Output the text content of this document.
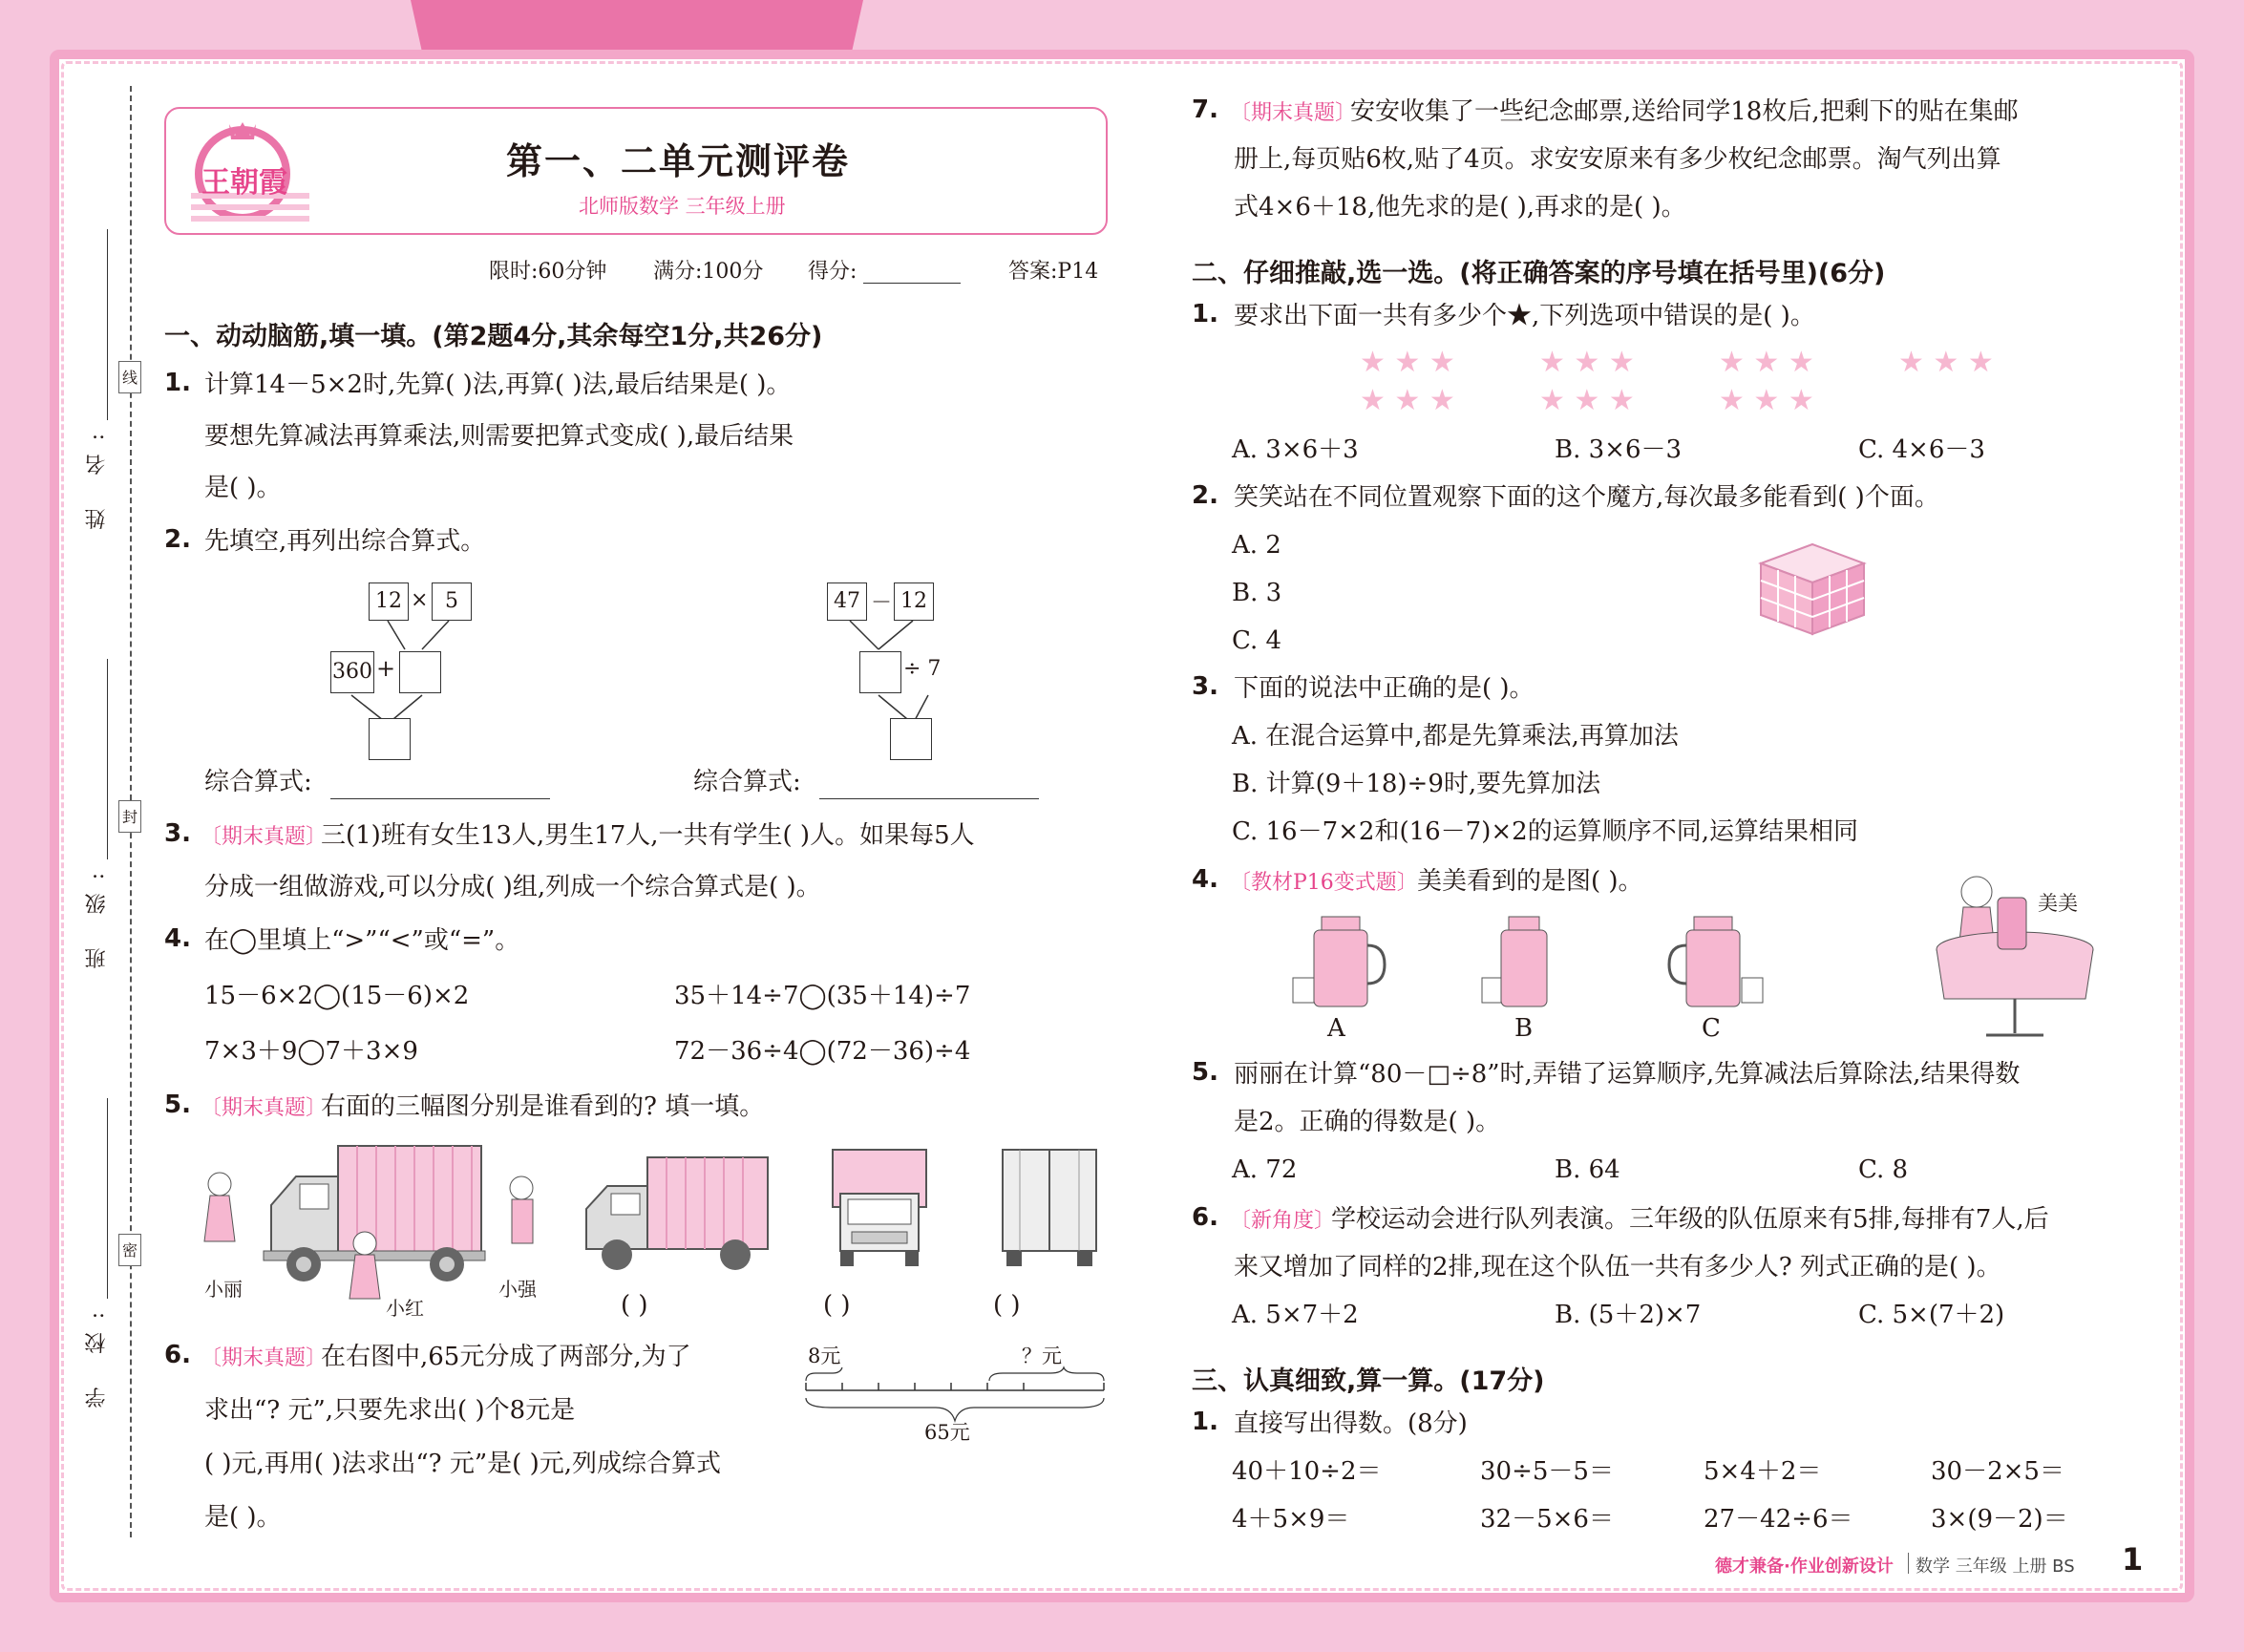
线
封
密
姓 名:
班 级:
学 校:
王朝霞
第一、二单元测评卷
北师版数学 三年级上册
限时:60分钟 满分:100分 得分:	答案:P14
一、动动脑筋,填一填。(第2题4分,其余每空1分,共26分)
1. 计算14－5×2时,先算( )法,再算( )法,最后结果是( )。
要想先算减法再算乘法,则需要把算式变成( ),最后结果
是( )。
2. 先填空,再列出综合算式。
12 × 5
360 +
47 － 12
÷ 7
综合算式:	综合算式:
3. 〔期末真题〕
三(1)班有女生13人,男生17人,一共有学生( )人。如果每5人
分成一组做游戏,可以分成( )组,列成一个综合算式是( )。
4. 在◯里填上“>”“<”或“=”。
15－6×2◯(15－6)×2	35＋14÷7◯(35＋14)÷7
7×3＋9◯7＋3×9	72－36÷4◯(72－36)÷4
5. 〔期末真题〕
右面的三幅图分别是谁看到的? 填一填。
小丽
小红
小强
( )	( )	( )
6. 〔期末真题〕
在右图中,65元分成了两部分,为了
求出“? 元”,只要先求出( )个8元是
( )元,再用( )法求出“? 元”是( )元,列成综合算式
是( )。
8元	？元
65元
7. 〔期末真题〕
安安收集了一些纪念邮票,送给同学18枚后,把剩下的贴在集邮
册上,每页贴6枚,贴了4页。求安安原来有多少枚纪念邮票。淘气列出算
式4×6＋18,他先求的是( ),再求的是( )。
二、仔细推敲,选一选。(将正确答案的序号填在括号里)(6分)
1. 要求出下面一共有多少个★,下列选项中错误的是( )。
★ ★ ★
★ ★ ★
★ ★ ★
★ ★ ★
★ ★ ★
★ ★ ★
★ ★ ★
A. 3×6＋3	B. 3×6－3	C. 4×6－3
2. 笑笑站在不同位置观察下面的这个魔方,每次最多能看到( )个面。
A. 2
B. 3
C. 4
3. 下面的说法中正确的是( )。
A. 在混合运算中,都是先算乘法,再算加法
B. 计算(9＋18)÷9时,要先算加法
C. 16－7×2和(16－7)×2的运算顺序不同,运算结果相同
4. 〔教材P16变式题〕 美美看到的是图( )。
A	B	C
美美
5. 丽丽在计算“80－□÷8”时,弄错了运算顺序,先算减法后算除法,结果得数
是2。正确的得数是( )。
A. 72	B. 64	C. 8
6. 〔新角度〕
学校运动会进行队列表演。三年级的队伍原来有5排,每排有7人,后
来又增加了同样的2排,现在这个队伍一共有多少人? 列式正确的是( )。
A. 5×7＋2	B. (5＋2)×7	C. 5×(7＋2)
三、认真细致,算一算。(17分)
1. 直接写出得数。(8分)
40＋10÷2＝	30÷5－5＝	5×4＋2＝	30－2×5＝
4＋5×9＝	32－5×6＝	27－42÷6＝	3×(9－2)＝
德才兼备·作业创新设计 数学 三年级 上册 BS 1
